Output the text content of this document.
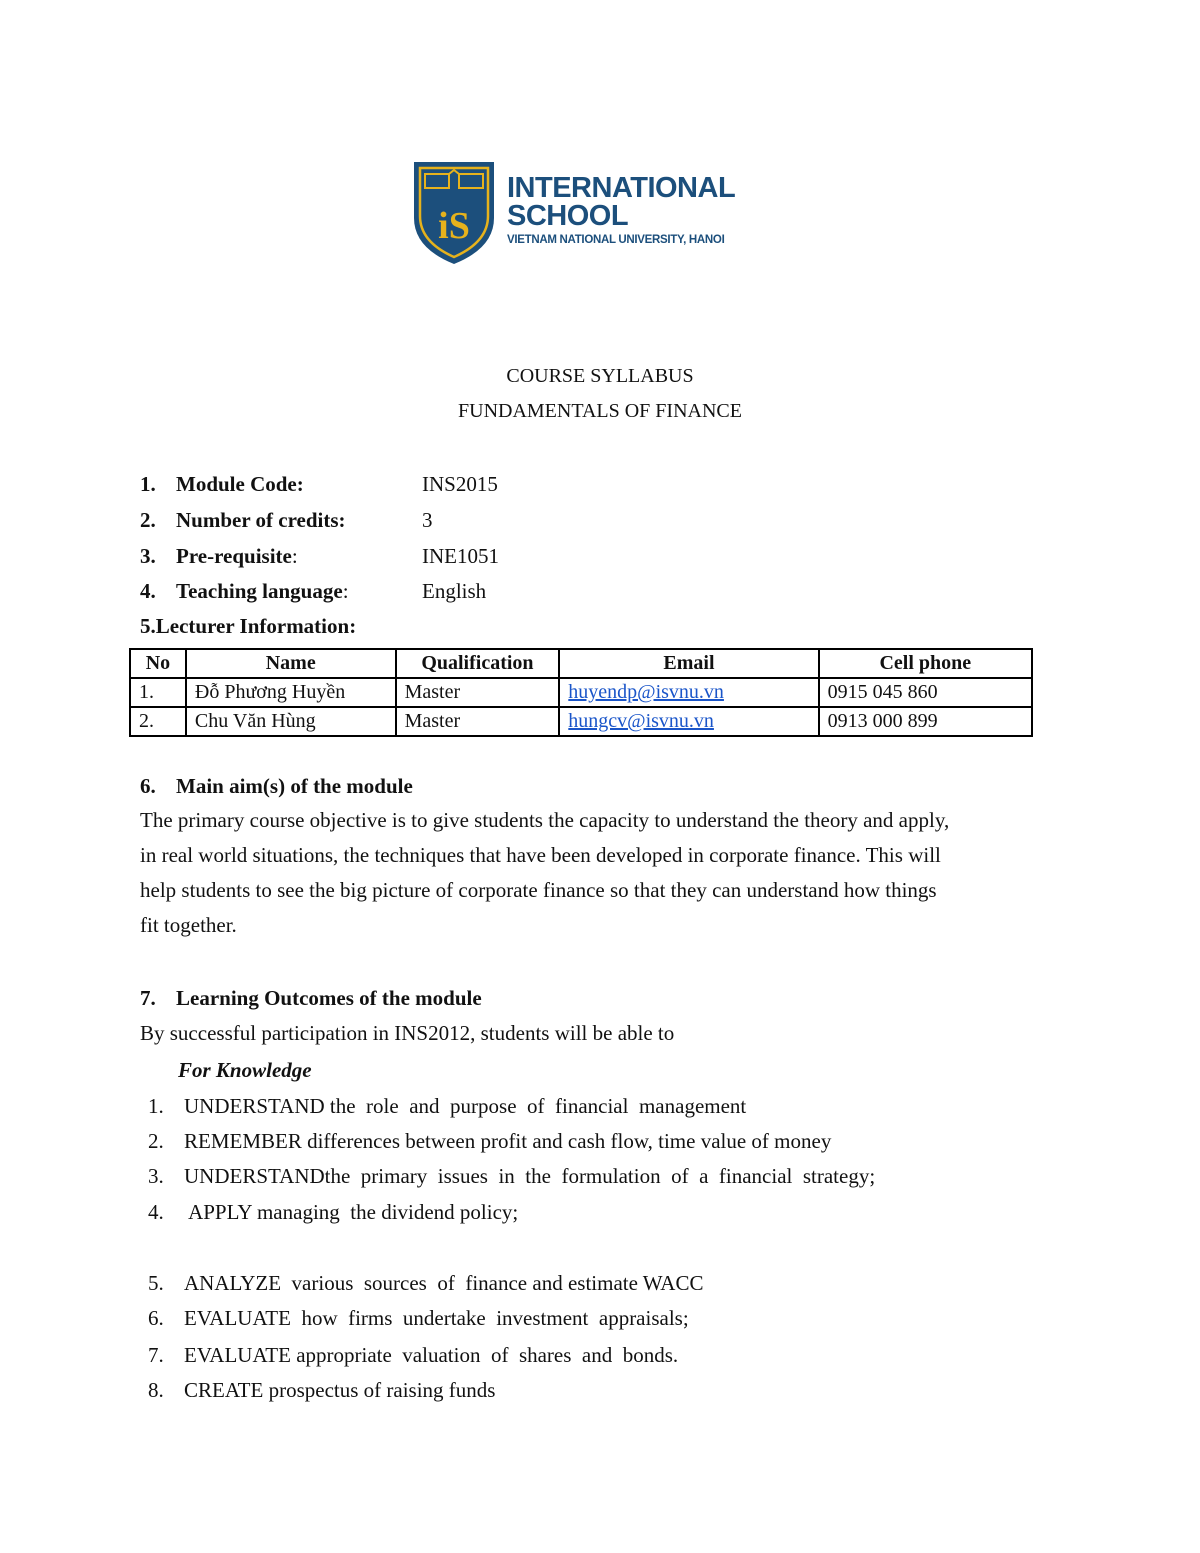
iS
INTERNATIONAL
SCHOOL
VIETNAM NATIONAL UNIVERSITY, HANOI
COURSE SYLLABUS
FUNDAMENTALS OF FINANCE
1. Module Code:	INS2015
2. Number of credits:	3
3. Pre-requisite:	INE1051
4. Teaching language:	English
5.Lecturer Information:
No	Name	Qualification	Email	Cell phone
1.	Đỗ Phương Huyền	Master	huyendp@isvnu.vn	0915 045 860
2.	Chu Văn Hùng	Master	hungcv@isvnu.vn	0913 000 899
6. Main aim(s) of the module
The primary course objective is to give students the capacity to understand the theory and apply,
in real world situations, the techniques that have been developed in corporate finance. This will
help students to see the big picture of corporate finance so that they can understand how things
fit together.
7. Learning Outcomes of the module
By successful participation in INS2012, students will be able to
For Knowledge
1. UNDERSTAND the  role  and  purpose  of  financial  management
2. REMEMBER differences between profit and cash flow, time value of money
3. UNDERSTANDthe  primary  issues  in  the  formulation  of  a  financial  strategy;
4. APPLY managing  the dividend policy;
5. ANALYZE  various  sources  of  finance and estimate WACC
6. EVALUATE  how  firms  undertake  investment  appraisals;
7. EVALUATE appropriate  valuation  of  shares  and  bonds.
8. CREATE prospectus of raising funds
